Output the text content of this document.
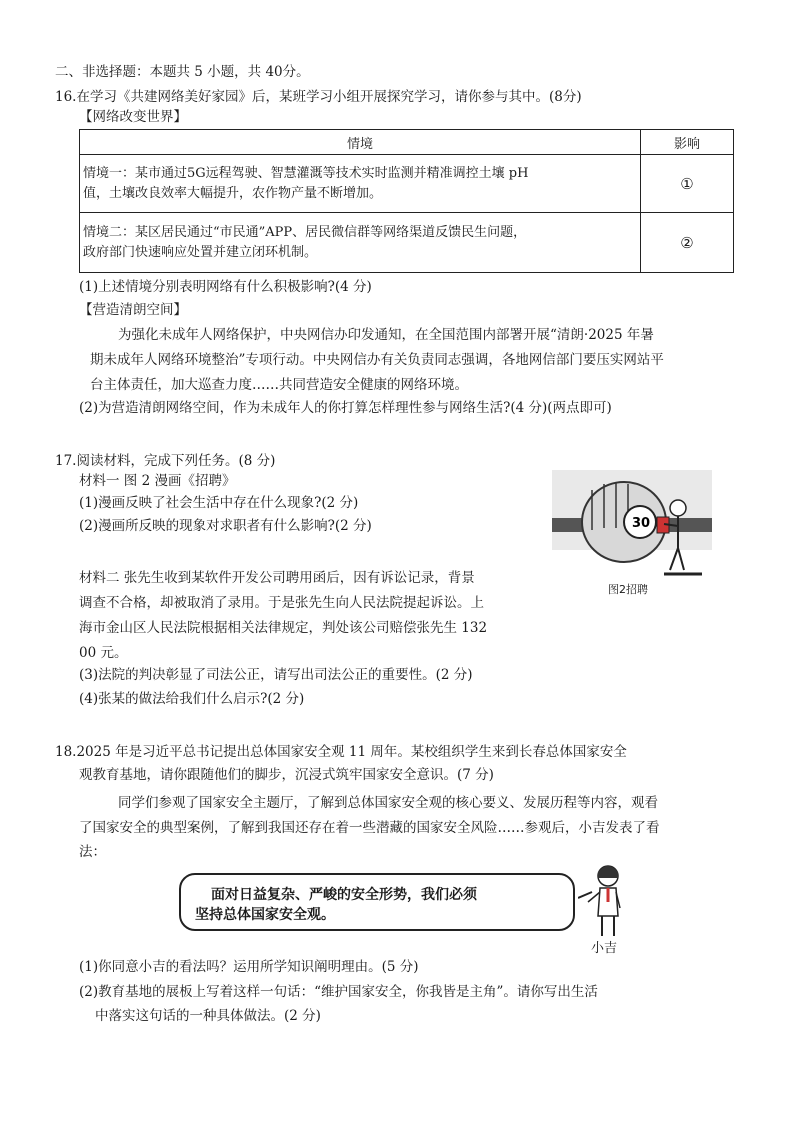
二、非选择题：本题共 5 小题，共 40分。
16.在学习《共建网络美好家园》后，某班学习小组开展探究学习，请你参与其中。(8分)
【网络改变世界】
情境	影响

情境一：某市通过5G远程驾驶、智慧灌溉等技术实时监测并精准调控土壤 pH
值，土壤改良效率大幅提升，农作物产量不断增加。	①

情境二：某区居民通过“市民通”APP、居民微信群等网络渠道反馈民生问题，
政府部门快速响应处置并建立闭环机制。	②
(1)上述情境分别表明网络有什么积极影响?(4 分)
【营造清朗空间】
为强化未成年人网络保护，中央网信办印发通知，在全国范围内部署开展“清朗·2025 年暑
期未成年人网络环境整治”专项行动。中央网信办有关负责同志强调，各地网信部门要压实网站平
台主体责任，加大巡查力度……共同营造安全健康的网络环境。
(2)为营造清朗网络空间，作为未成年人的你打算怎样理性参与网络生活?(4 分)(两点即可)
17.阅读材料，完成下列任务。(8 分)
材料一 图 2 漫画《招聘》
(1)漫画反映了社会生活中存在什么现象?(2 分)
(2)漫画所反映的现象对求职者有什么影响?(2 分)	30
图2招聘
材料二 张先生收到某软件开发公司聘用函后，因有诉讼记录，背景
调查不合格，却被取消了录用。于是张先生向人民法院提起诉讼。上
海市金山区人民法院根据相关法律规定，判处该公司赔偿张先生 132
00 元。
(3)法院的判决彰显了司法公正，请写出司法公正的重要性。(2 分)
(4)张某的做法给我们什么启示?(2 分)
18.2025 年是习近平总书记提出总体国家安全观 11 周年。某校组织学生来到长春总体国家安全
观教育基地，请你跟随他们的脚步，沉浸式筑牢国家安全意识。(7 分)
同学们参观了国家安全主题厅，了解到总体国家安全观的核心要义、发展历程等内容，观看
了国家安全的典型案例，了解到我国还存在着一些潜藏的国家安全风险……参观后，小吉发表了看
法：
面对日益复杂、严峻的安全形势，我们必须
坚持总体国家安全观。
小吉
(1)你同意小吉的看法吗？运用所学知识阐明理由。(5 分)
(2)教育基地的展板上写着这样一句话：“维护国家安全，你我皆是主角”。请你写出生活
中落实这句话的一种具体做法。(2 分)
